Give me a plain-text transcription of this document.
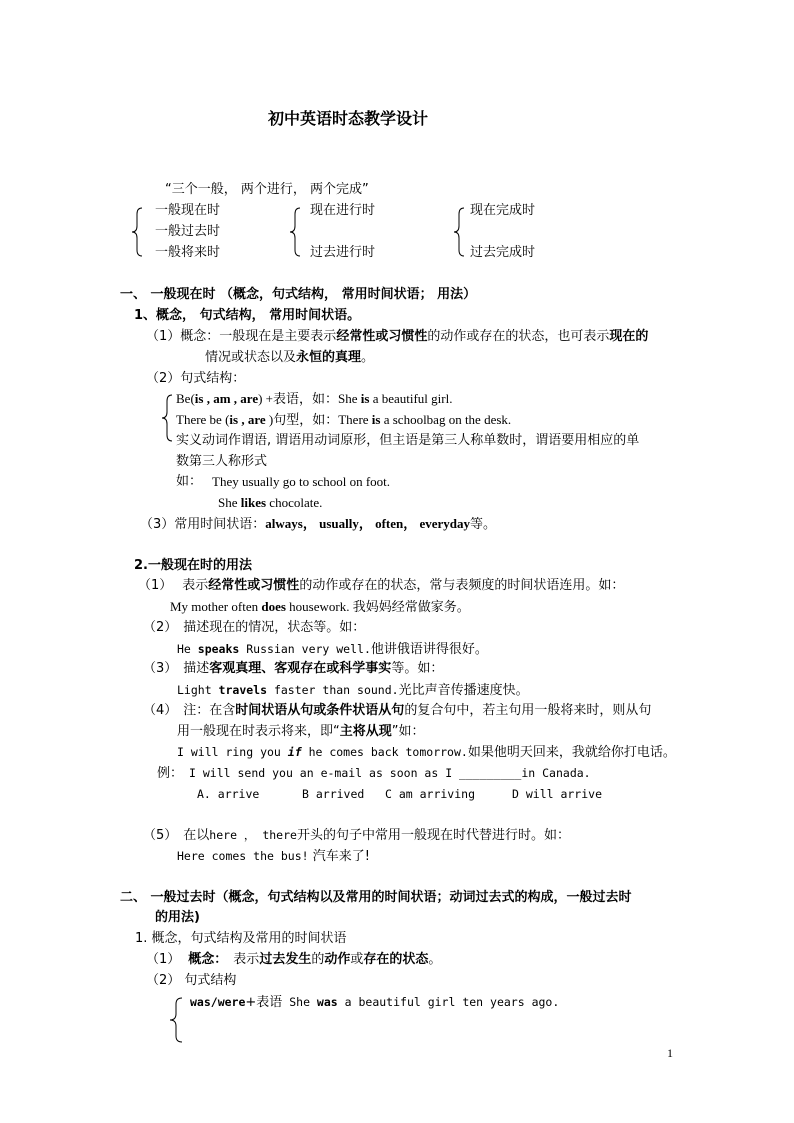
初中英语时态教学设计
“三个一般， 两个进行， 两个完成”
一般现在时
一般过去时
一般将来时
现在进行时
过去进行时
现在完成时
过去完成时
一、 一般现在时 （概念，句式结构， 常用时间状语； 用法）
1、概念， 句式结构， 常用时间状语。
（1）概念：一般现在是主要表示经常性或习惯性的动作或存在的状态，也可表示现在的
情况或状态以及永恒的真理。
（2）句式结构：
Be(is , am , are) +表语，如：She is a beautiful girl.
There be (is , are )句型，如：There is a schoolbag on the desk.
实义动词作谓语, 谓语用动词原形，但主语是第三人称单数时，谓语要用相应的单
数第三人称形式
如： They usually go to school on foot.
She likes chocolate.
（3）常用时间状语：always， usually， often， everyday等。
2.一般现在时的用法
（1） 表示经常性或习惯性的动作或存在的状态，常与表频度的时间状语连用。如：
My mother often does housework. 我妈妈经常做家务。
（2） 描述现在的情况，状态等。如：
He speaks Russian very well.他讲俄语讲得很好。
（3） 描述客观真理、客观存在或科学事实等。如：
Light travels faster than sound.光比声音传播速度快。
（4） 注：在含时间状语从句或条件状语从句的复合句中，若主句用一般将来时，则从句
用一般现在时表示将来，即“主将从现”如：
I will ring you if he comes back tomorrow.如果他明天回来，我就给你打电话。
例： I will send you an e-mail as soon as I _________in Canada.
A. arrive	B arrived C am arriving	D will arrive
（5） 在以here ， there开头的句子中常用一般现在时代替进行时。如：
Here comes the bus! 汽车来了!
二、 一般过去时（概念，句式结构以及常用的时间状语；动词过去式的构成，一般过去时
的用法)
1. 概念，句式结构及常用的时间状语
（1） 概念： 表示过去发生的动作或存在的状态。
（2） 句式结构
was/were+表语 She was a beautiful girl ten years ago.
1
